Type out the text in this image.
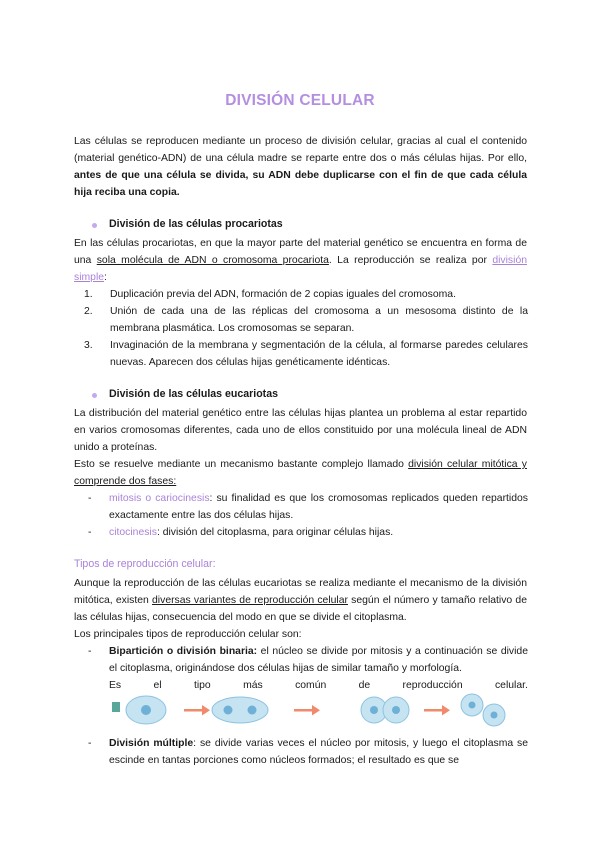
DIVISIÓN CELULAR

Las células se reproducen mediante un proceso de división celular, gracias al cual el contenido (material genético-ADN) de una célula madre se reparte entre dos o más células hijas. Por ello, antes de que una célula se divida, su ADN debe duplicarse con el fin de que cada célula hija reciba una copia.

División de las células procariotas

En las células procariotas, en que la mayor parte del material genético se encuentra en forma de una sola molécula de ADN o cromosoma procariota. La reproducción se realiza por división simple:

1. Duplicación previa del ADN, formación de 2 copias iguales del cromosoma.
2. Unión de cada una de las réplicas del cromosoma a un mesosoma distinto de la membrana plasmática. Los cromosomas se separan.
3. Invaginación de la membrana y segmentación de la célula, al formarse paredes celulares nuevas. Aparecen dos células hijas genéticamente idénticas.
División de las células eucariotas

La distribución del material genético entre las células hijas plantea un problema al estar repartido en varios cromosomas diferentes, cada uno de ellos constituido por una molécula lineal de ADN unido a proteínas.

Esto se resuelve mediante un mecanismo bastante complejo llamado división celular mitótica y comprende dos fases:

- mitosis o cariocinesis: su finalidad es que los cromosomas replicados queden repartidos exactamente entre las dos células hijas.
- citocinesis: división del citoplasma, para originar células hijas.
Tipos de reproducción celular:

Aunque la reproducción de las células eucariotas se realiza mediante el mecanismo de la división mitótica, existen diversas variantes de reproducción celular según el número y tamaño relativo de las células hijas, consecuencia del modo en que se divide el citoplasma.

Los principales tipos de reproducción celular son:

- Bipartición o división binaria: el núcleo se divide por mitosis y a continuación se divide el citoplasma, originándose dos células hijas de similar tamaño y morfología.
Es	el	tipo	más	común	de	reproducción	celular.
- División múltiple: se divide varias veces el núcleo por mitosis, y luego el citoplasma se escinde en tantas porciones como núcleos formados; el resultado es que se
